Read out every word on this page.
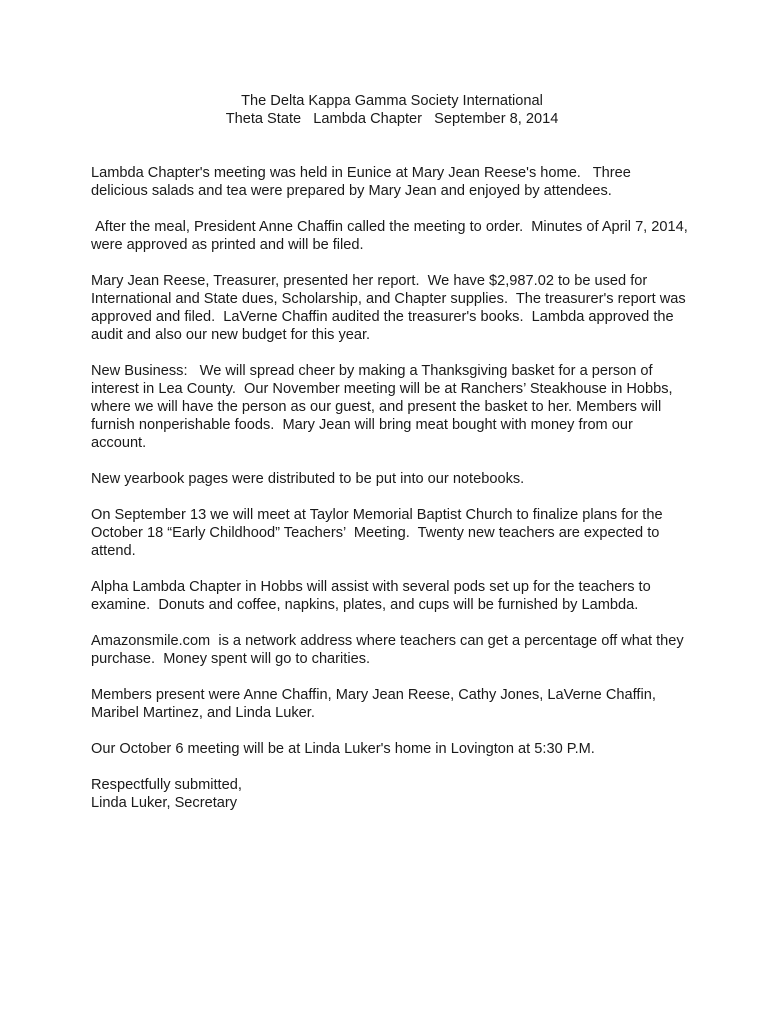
The Delta Kappa Gamma Society International
Theta State   Lambda Chapter   September 8, 2014

Lambda Chapter's meeting was held in Eunice at Mary Jean Reese's home.   Three delicious salads and tea were prepared by Mary Jean and enjoyed by attendees.

After the meal, President Anne Chaffin called the meeting to order.  Minutes of April 7, 2014, were approved as printed and will be filed.

Mary Jean Reese, Treasurer, presented her report.  We have $2,987.02 to be used for International and State dues, Scholarship, and Chapter supplies.  The treasurer's report was approved and filed.  LaVerne Chaffin audited the treasurer's books.  Lambda approved the audit and also our new budget for this year.

New Business:   We will spread cheer by making a Thanksgiving basket for a person of interest in Lea County.  Our November meeting will be at Ranchers’ Steakhouse in Hobbs, where we will have the person as our guest, and present the basket to her. Members will furnish nonperishable foods.  Mary Jean will bring meat bought with money from our account.

New yearbook pages were distributed to be put into our notebooks.

On September 13 we will meet at Taylor Memorial Baptist Church to finalize plans for the October 18 “Early Childhood” Teachers’  Meeting.  Twenty new teachers are expected to attend.

Alpha Lambda Chapter in Hobbs will assist with several pods set up for the teachers to examine.  Donuts and coffee, napkins, plates, and cups will be furnished by Lambda.

Amazonsmile.com  is a network address where teachers can get a percentage off what they purchase.  Money spent will go to charities.

Members present were Anne Chaffin, Mary Jean Reese, Cathy Jones, LaVerne Chaffin, Maribel Martinez, and Linda Luker.

Our October 6 meeting will be at Linda Luker's home in Lovington at 5:30 P.M.

Respectfully submitted,
Linda Luker, Secretary
